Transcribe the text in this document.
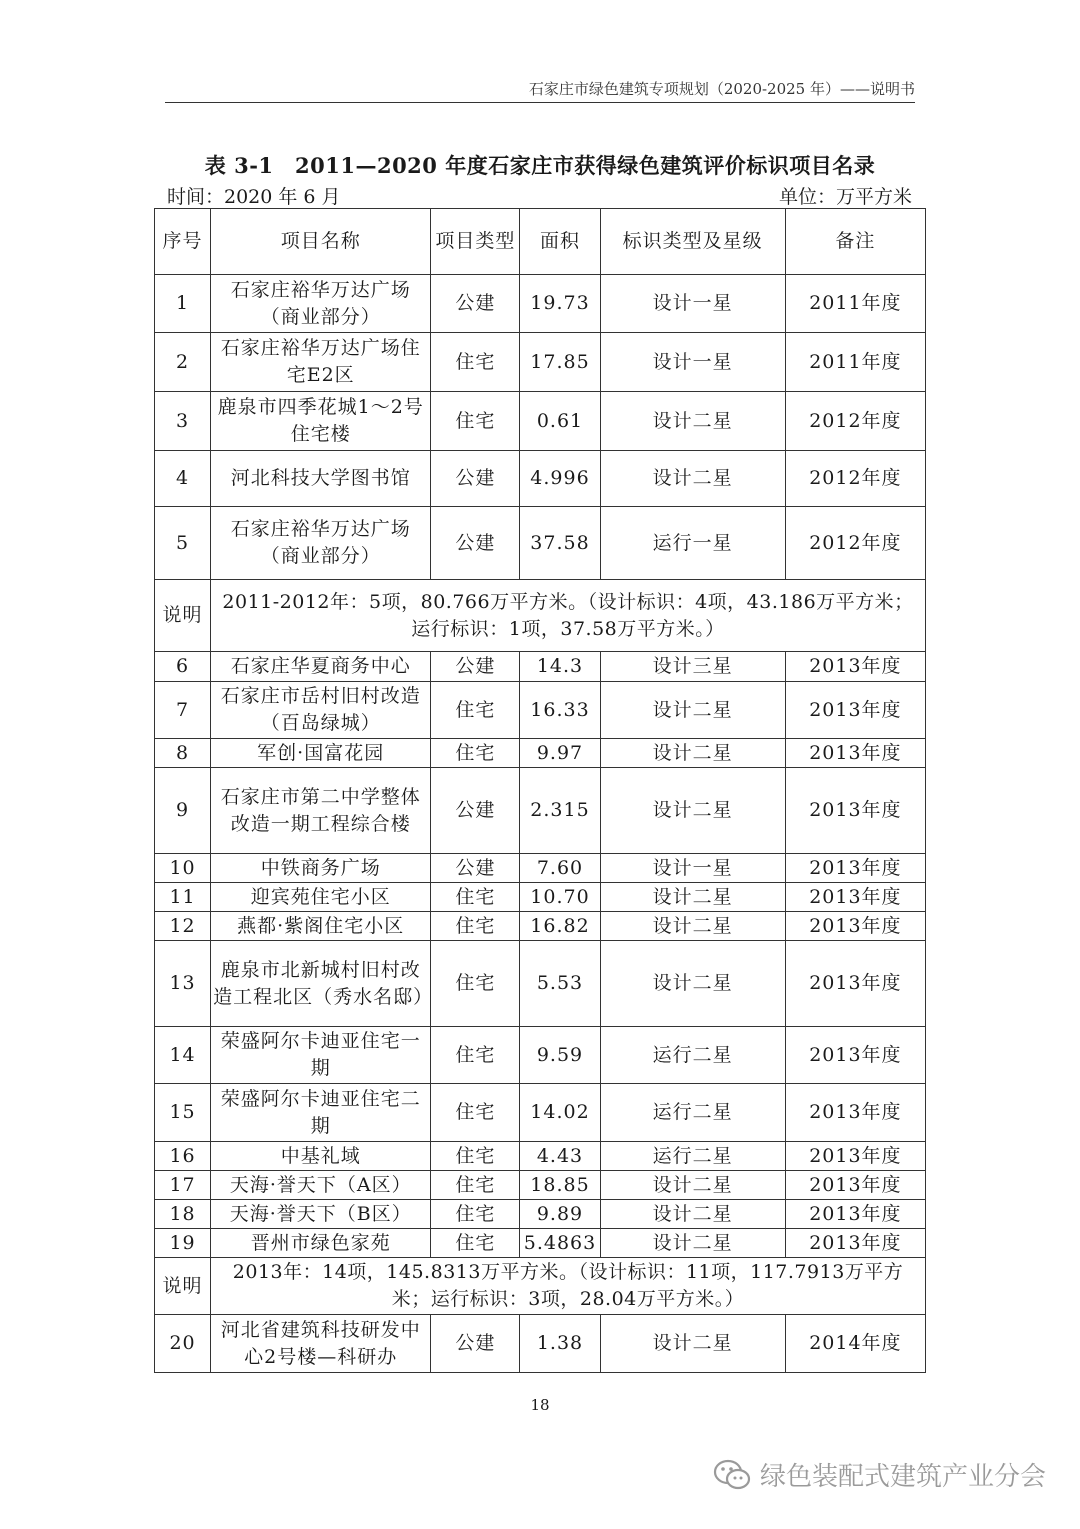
石家庄市绿色建筑专项规划（2020-2025 年）——说明书
表 3-1　2011—2020 年度石家庄市获得绿色建筑评价标识项目名录
时间：2020 年 6 月	单位：万平方米
序号	项目名称	项目类型	面积	标识类型及星级	备注
1	石家庄裕华万达广场（商业部分）	公建	19.73	设计一星	2011年度
2	石家庄裕华万达广场住宅E2区	住宅	17.85	设计一星	2011年度
3	鹿泉市四季花城1～2号住宅楼	住宅	0.61	设计二星	2012年度
4	河北科技大学图书馆	公建	4.996	设计二星	2012年度
5	石家庄裕华万达广场（商业部分）	公建	37.58	运行一星	2012年度
说明	2011-2012年：5项，80.766万平方米。（设计标识：4项，43.186万平方米；运行标识：1项，37.58万平方米。）				
6	石家庄华夏商务中心	公建	14.3	设计三星	2013年度
7	石家庄市岳村旧村改造（百岛绿城）	住宅	16.33	设计二星	2013年度
8	军创·国富花园	住宅	9.97	设计二星	2013年度
9	石家庄市第二中学整体改造一期工程综合楼	公建	2.315	设计二星	2013年度
10	中铁商务广场	公建	7.60	设计一星	2013年度
11	迎宾苑住宅小区	住宅	10.70	设计二星	2013年度
12	燕都·紫阁住宅小区	住宅	16.82	设计二星	2013年度
13	鹿泉市北新城村旧村改造工程北区（秀水名邸）	住宅	5.53	设计二星	2013年度
14	荣盛阿尔卡迪亚住宅一期	住宅	9.59	运行二星	2013年度
15	荣盛阿尔卡迪亚住宅二期	住宅	14.02	运行二星	2013年度
16	中基礼域	住宅	4.43	运行二星	2013年度
17	天海·誉天下（A区）	住宅	18.85	设计二星	2013年度
18	天海·誉天下（B区）	住宅	9.89	设计二星	2013年度
19	晋州市绿色家苑	住宅	5.4863	设计二星	2013年度
说明	2013年：14项，145.8313万平方米。（设计标识：11项，117.7913万平方米；运行标识：3项，28.04万平方米。）				
20	河北省建筑科技研发中心2号楼—科研办	公建	1.38	设计二星	2014年度
18
绿色装配式建筑产业分会
